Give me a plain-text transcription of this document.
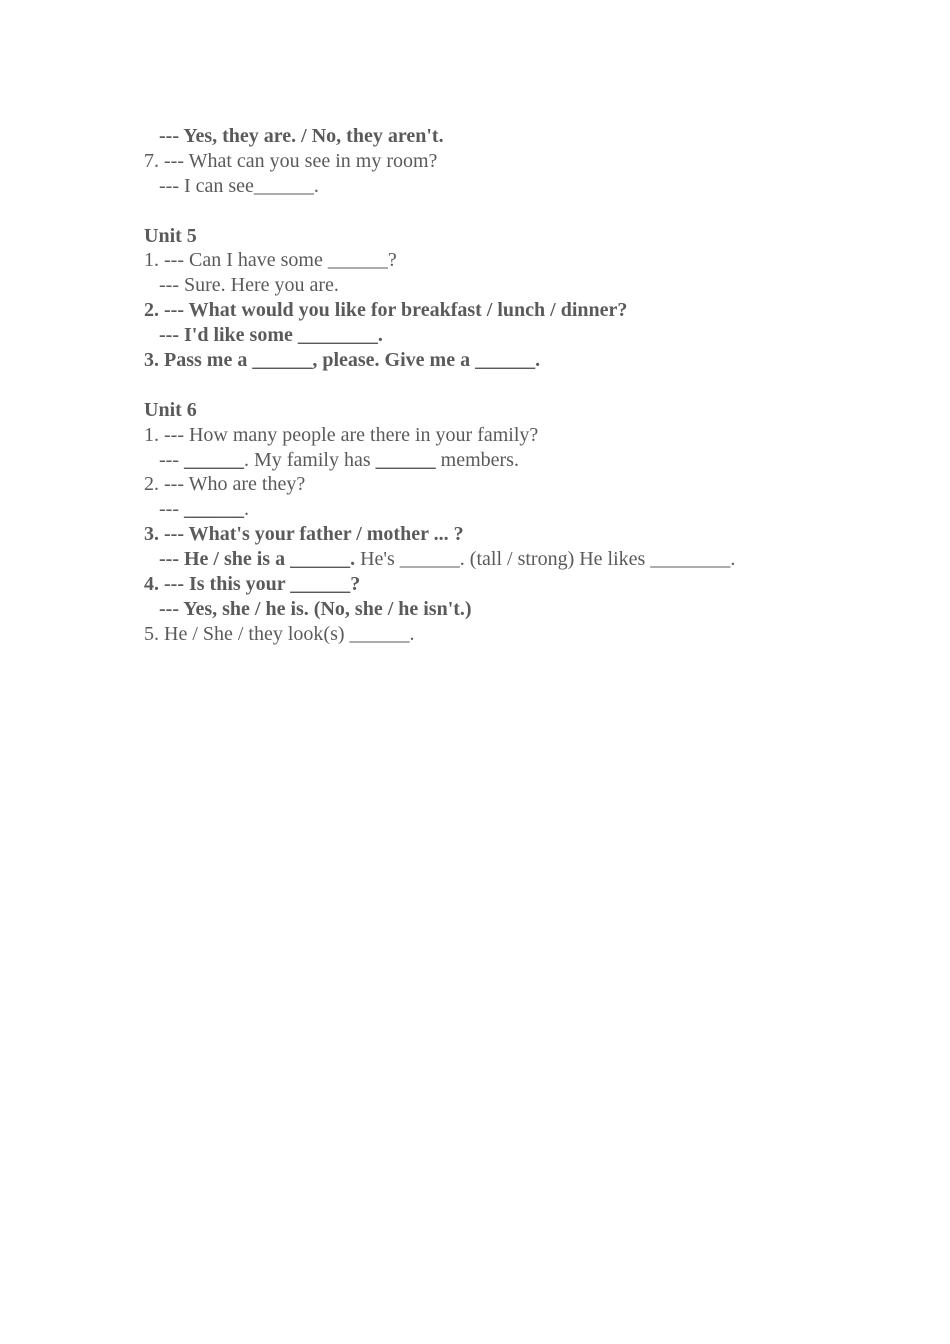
--- Yes, they are. / No, they aren't.
7. --- What can you see in my room?
--- I can see______.
Unit 5
1. --- Can I have some ______?
--- Sure. Here you are.
2. --- What would you like for breakfast / lunch / dinner?
--- I'd like some ________.
3. Pass me a ______, please. Give me a ______.
Unit 6
1. --- How many people are there in your family?
--- ______. My family has ______ members.
2. --- Who are they?
--- ______.
3. --- What's your father / mother ... ?
--- He / she is a ______. He's ______. (tall / strong) He likes ________.
4. --- Is this your ______?
--- Yes, she / he is. (No, she / he isn't.)
5. He / She / they look(s) ______.
